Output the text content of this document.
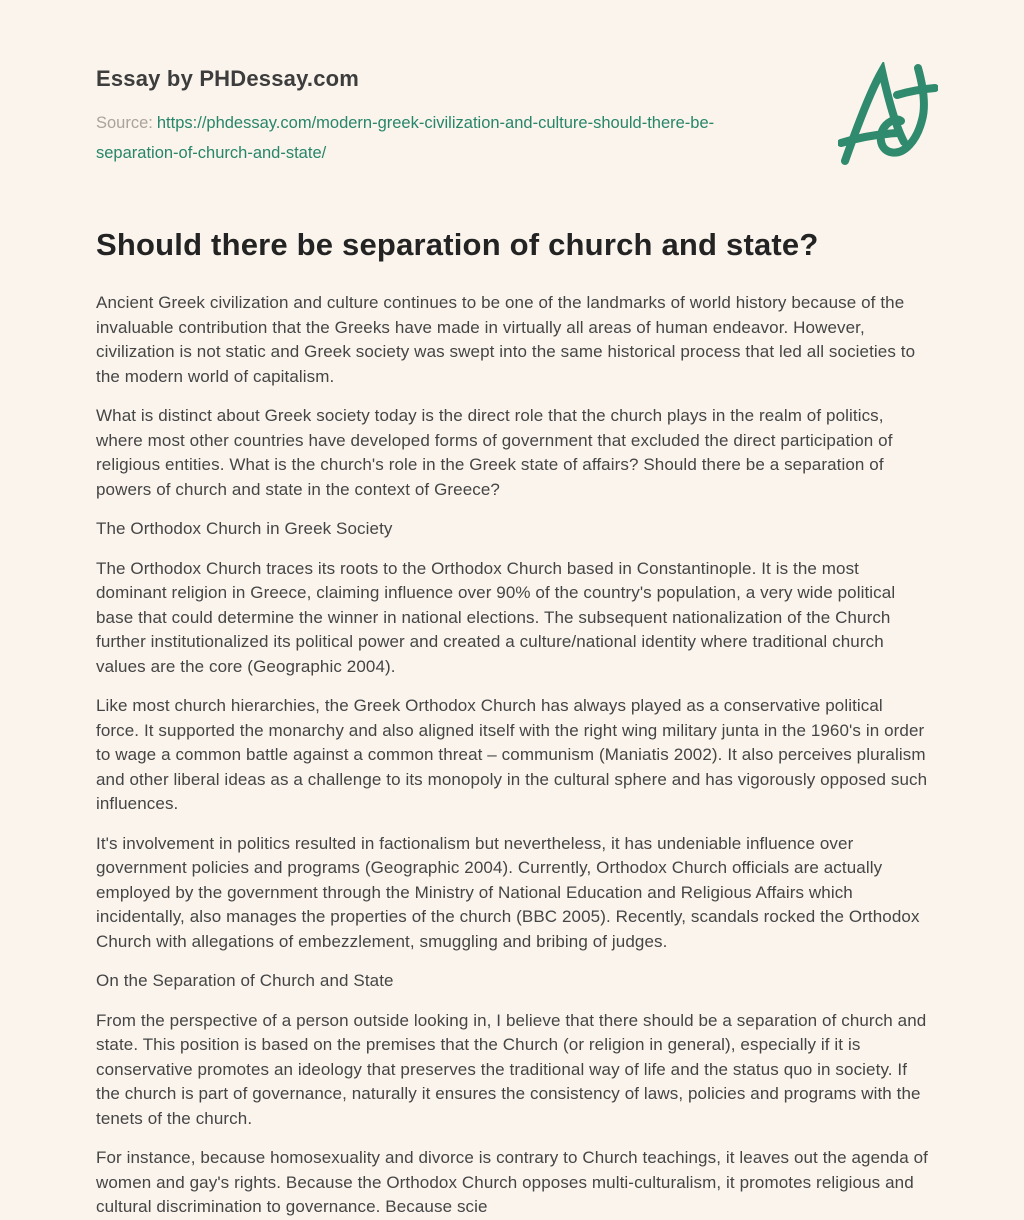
Essay by PHDessay.com
Source: https://phdessay.com/modern-greek-civilization-and-culture-should-there-be-separation-of-church-and-state/
Should there be separation of church and state?

Ancient Greek civilization and culture continues to be one of the landmarks of world history because of the invaluable contribution that the Greeks have made in virtually all areas of human endeavor. However, civilization is not static and Greek society was swept into the same historical process that led all societies to the modern world of capitalism.

What is distinct about Greek society today is the direct role that the church plays in the realm of politics, where most other countries have developed forms of government that excluded the direct participation of religious entities. What is the church's role in the Greek state of affairs? Should there be a separation of powers of church and state in the context of Greece?

The Orthodox Church in Greek Society

The Orthodox Church traces its roots to the Orthodox Church based in Constantinople. It is the most dominant religion in Greece, claiming influence over 90% of the country's population, a very wide political base that could determine the winner in national elections. The subsequent nationalization of the Church further institutionalized its political power and created a culture/national identity where traditional church values are the core (Geographic 2004).

Like most church hierarchies, the Greek Orthodox Church has always played as a conservative political force. It supported the monarchy and also aligned itself with the right wing military junta in the 1960's in order to wage a common battle against a common threat – communism (Maniatis 2002). It also perceives pluralism and other liberal ideas as a challenge to its monopoly in the cultural sphere and has vigorously opposed such influences.

It's involvement in politics resulted in factionalism but nevertheless, it has undeniable influence over government policies and programs (Geographic 2004). Currently, Orthodox Church officials are actually employed by the government through the Ministry of National Education and Religious Affairs which incidentally, also manages the properties of the church (BBC 2005). Recently, scandals rocked the Orthodox Church with allegations of embezzlement, smuggling and bribing of judges.

On the Separation of Church and State

From the perspective of a person outside looking in, I believe that there should be a separation of church and state. This position is based on the premises that the Church (or religion in general), especially if it is conservative promotes an ideology that preserves the traditional way of life and the status quo in society. If the church is part of governance, naturally it ensures the consistency of laws, policies and programs with the tenets of the church.

For instance, because homosexuality and divorce is contrary to Church teachings, it leaves out the agenda of women and gay's rights. Because the Orthodox Church opposes multi-culturalism, it promotes religious and cultural discrimination to governance. Because scie
